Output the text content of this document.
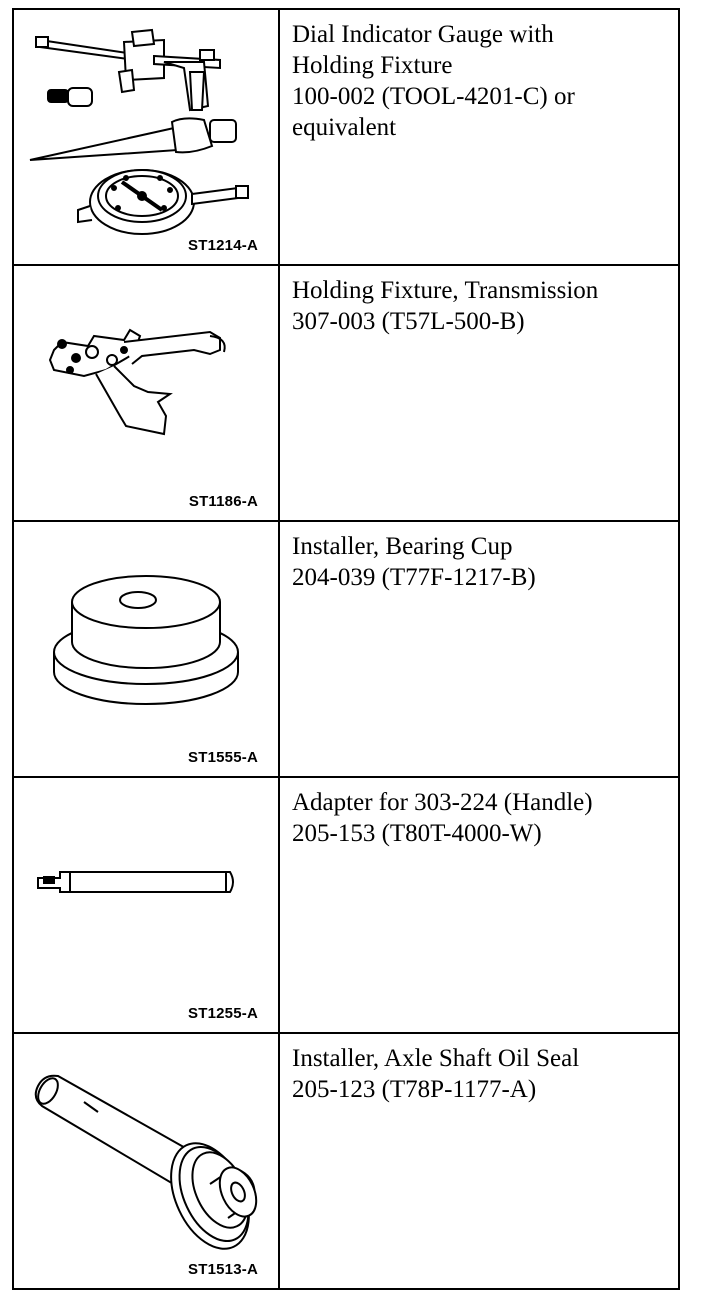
ST1214-A	Dial Indicator Gauge with
Holding Fixture
100-002 (TOOL-4201-C) or
equivalent

ST1186-A	Holding Fixture, Transmission
307-003 (T57L-500-B)

ST1555-A	Installer, Bearing Cup
204-039 (T77F-1217-B)

ST1255-A	Adapter for 303-224 (Handle)
205-153 (T80T-4000-W)

ST1513-A	Installer, Axle Shaft Oil Seal
205-123 (T78P-1177-A)
